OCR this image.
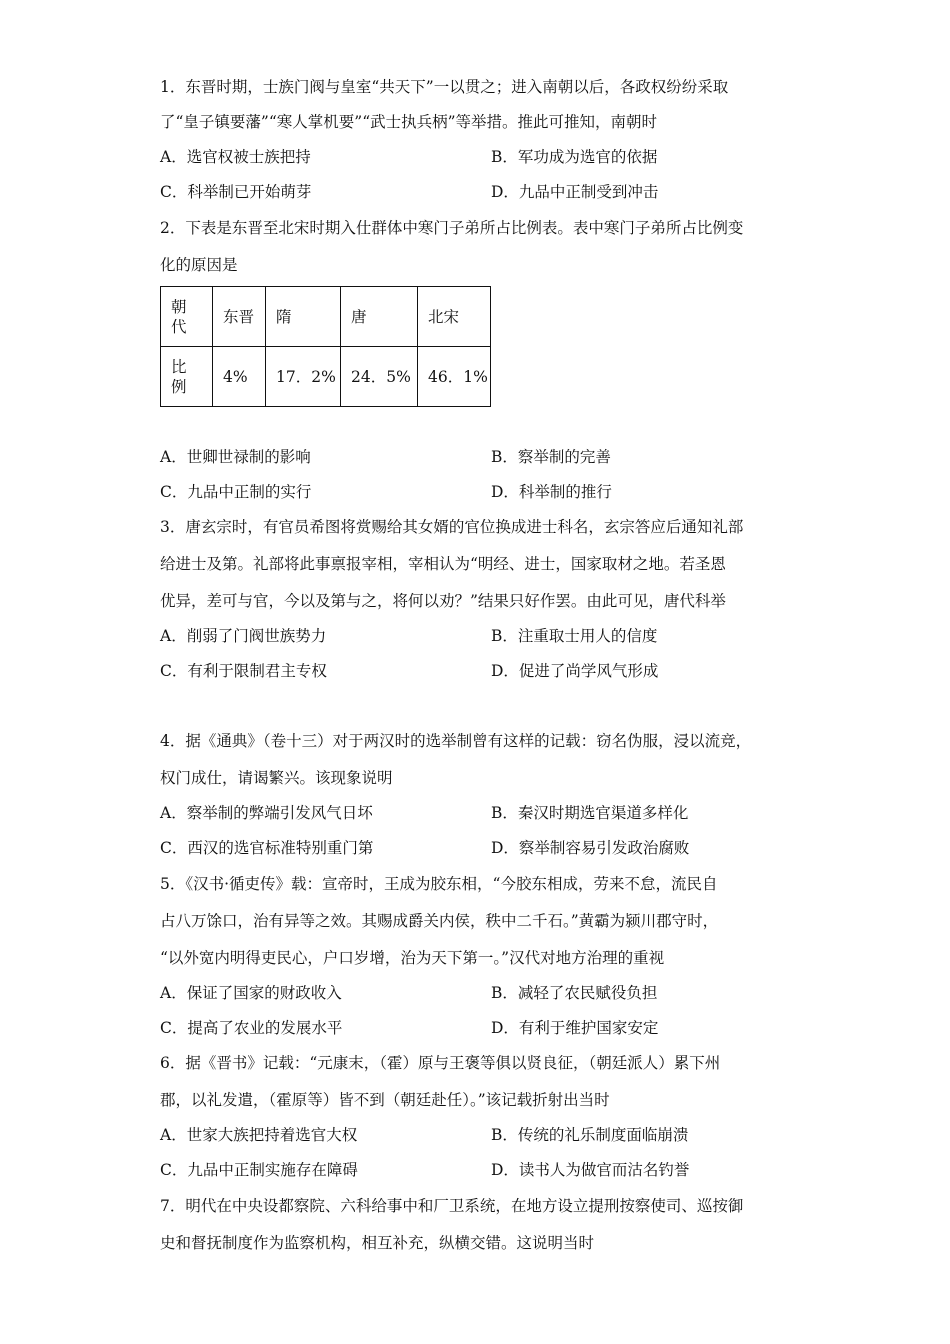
1．东晋时期，士族门阀与皇室“共天下”一以贯之；进入南朝以后，各政权纷纷采取
了“皇子镇要藩”“寒人掌机要”“武士执兵柄”等举措。推此可推知，南朝时
A．选官权被士族把持	B．军功成为选官的依据
C．科举制已开始萌芽	D．九品中正制受到冲击
2．下表是东晋至北宋时期入仕群体中寒门子弟所占比例表。表中寒门子弟所占比例变
化的原因是
朝代	东晋	隋	唐	北宋

比例	4%	17．2%	24．5%	46．1%
A．世卿世禄制的影响	B．察举制的完善
C．九品中正制的实行	D．科举制的推行
3．唐玄宗时，有官员希图将赏赐给其女婿的官位换成进士科名，玄宗答应后通知礼部
给进士及第。礼部将此事禀报宰相，宰相认为“明经、进士，国家取材之地。若圣恩
优异，差可与官，今以及第与之，将何以劝？”结果只好作罢。由此可见，唐代科举
A．削弱了门阀世族势力	B．注重取士用人的信度
C．有利于限制君主专权	D．促进了尚学风气形成
4．据《通典》（卷十三）对于两汉时的选举制曾有这样的记载：窃名伪服，浸以流竞，
权门成仕，请谒繁兴。该现象说明
A．察举制的弊端引发风气日坏	B．秦汉时期选官渠道多样化
C．西汉的选官标准特别重门第	D．察举制容易引发政治腐败
5．《汉书·循吏传》载：宣帝时，王成为胶东相，“今胶东相成，劳来不怠，流民自
占八万馀口，治有异等之效。其赐成爵关内侯，秩中二千石。”黄霸为颍川郡守时，
“以外宽内明得吏民心，户口岁增，治为天下第一。”汉代对地方治理的重视
A．保证了国家的财政收入	B．减轻了农民赋役负担
C．提高了农业的发展水平	D．有利于维护国家安定
6．据《晋书》记载：“元康末，（霍）原与王褒等俱以贤良征，（朝廷派人）累下州
郡，以礼发遣，（霍原等）皆不到（朝廷赴任）。”该记载折射出当时
A．世家大族把持着选官大权	B．传统的礼乐制度面临崩溃
C．九品中正制实施存在障碍	D．读书人为做官而沽名钓誉
7．明代在中央设都察院、六科给事中和厂卫系统，在地方设立提刑按察使司、巡按御
史和督抚制度作为监察机构，相互补充，纵横交错。这说明当时
